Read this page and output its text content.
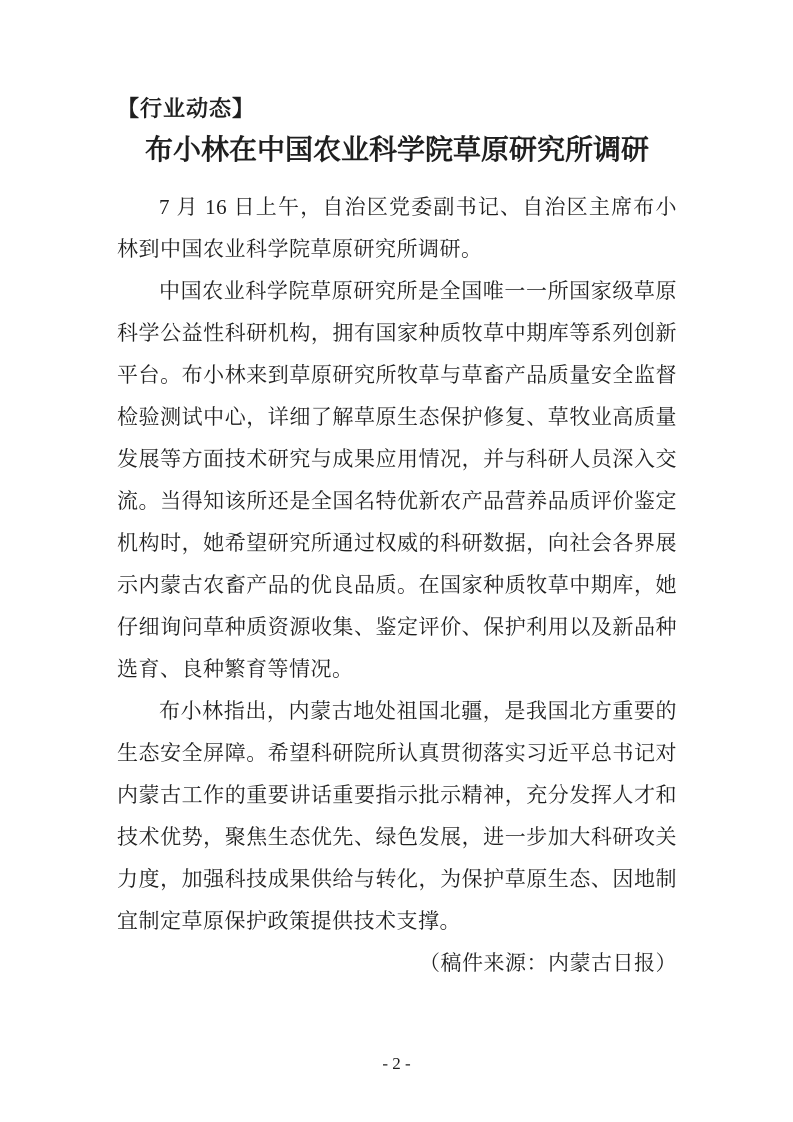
【行业动态】
布小林在中国农业科学院草原研究所调研

7 月 16 日上午，自治区党委副书记、自治区主席布小林到中国农业科学院草原研究所调研。

中国农业科学院草原研究所是全国唯一一所国家级草原科学公益性科研机构，拥有国家种质牧草中期库等系列创新平台。布小林来到草原研究所牧草与草畜产品质量安全监督检验测试中心，详细了解草原生态保护修复、草牧业高质量发展等方面技术研究与成果应用情况，并与科研人员深入交流。当得知该所还是全国名特优新农产品营养品质评价鉴定机构时，她希望研究所通过权威的科研数据，向社会各界展示内蒙古农畜产品的优良品质。在国家种质牧草中期库，她仔细询问草种质资源收集、鉴定评价、保护利用以及新品种选育、良种繁育等情况。

布小林指出，内蒙古地处祖国北疆，是我国北方重要的生态安全屏障。希望科研院所认真贯彻落实习近平总书记对内蒙古工作的重要讲话重要指示批示精神，充分发挥人才和技术优势，聚焦生态优先、绿色发展，进一步加大科研攻关力度，加强科技成果供给与转化，为保护草原生态、因地制宜制定草原保护政策提供技术支撑。

（稿件来源：内蒙古日报）

- 2 -
